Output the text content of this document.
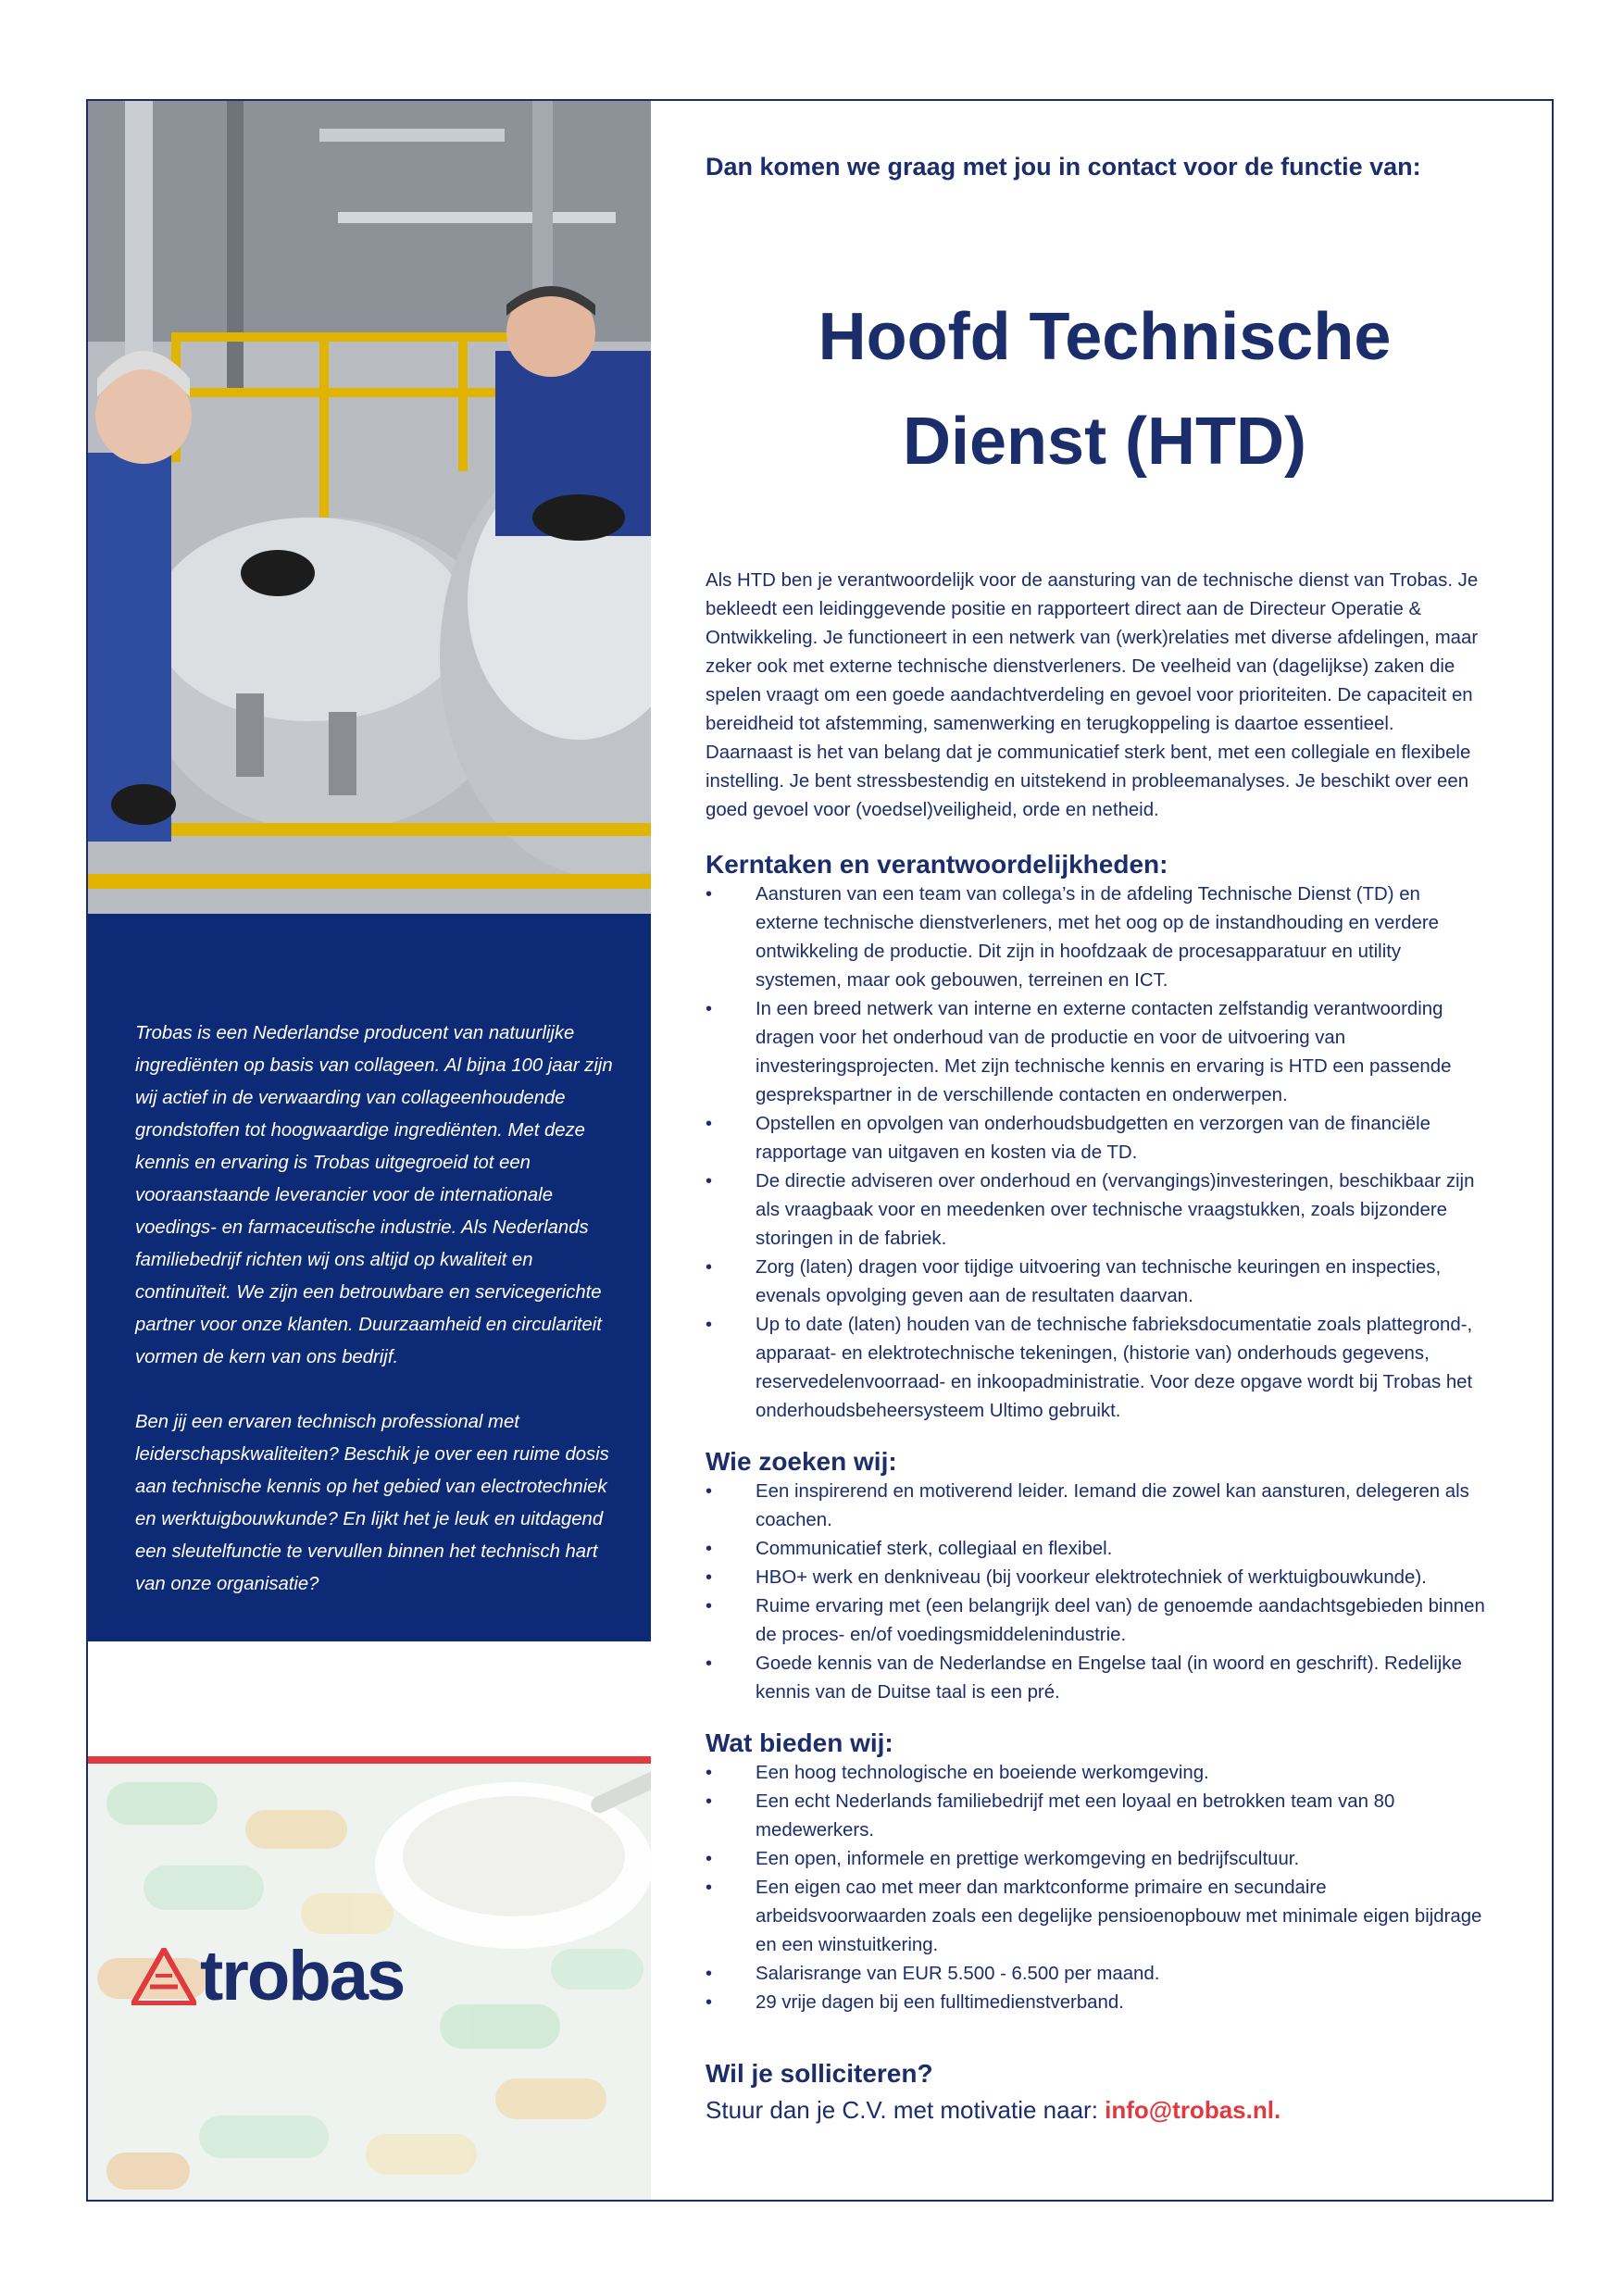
Trobas is een Nederlandse producent van natuurlijke ingrediënten op basis van collageen. Al bijna 100 jaar zijn wij actief in de verwaarding van collageenhoudende grondstoffen tot hoogwaardige ingrediënten. Met deze kennis en ervaring is Trobas uitgegroeid tot een vooraanstaande leverancier voor de internationale voedings- en farmaceutische industrie. Als Nederlands familiebedrijf richten wij ons altijd op kwaliteit en continuïteit. We zijn een betrouwbare en servicegerichte partner voor onze klanten. Duurzaamheid en circulariteit vormen de kern van ons bedrijf.

Ben jij een ervaren technisch professional met leiderschapskwaliteiten? Beschik je over een ruime dosis aan technische kennis op het gebied van electrotechniek en werktuigbouwkunde? En lijkt het je leuk en uitdagend een sleutelfunctie te vervullen binnen het technisch hart van onze organisatie?

trobas

Dan komen we graag met jou in contact voor de functie van:

Hoofd Technische
Dienst (HTD)
Als HTD ben je verantwoordelijk voor de aansturing van de technische dienst van Trobas. Je bekleedt een leidinggevende positie en rapporteert direct aan de Directeur Operatie & Ontwikkeling. Je functioneert in een netwerk van (werk)relaties met diverse afdelingen, maar zeker ook met externe technische dienstverleners. De veelheid van (dagelijkse) zaken die spelen vraagt om een goede aandachtverdeling en gevoel voor prioriteiten. De capaciteit en bereidheid tot afstemming, samenwerking en terugkoppeling is daartoe essentieel. Daarnaast is het van belang dat je communicatief sterk bent, met een collegiale en flexibele instelling. Je bent stressbestendig en uitstekend in probleemanalyses. Je beschikt over een goed gevoel voor (voedsel)veiligheid, orde en netheid.
Kerntaken en verantwoordelijkheden:
• Aansturen van een team van collega’s in de afdeling Technische Dienst (TD) en externe technische dienstverleners, met het oog op de instandhouding en verdere ontwikkeling de productie. Dit zijn in hoofdzaak de procesapparatuur en utility systemen, maar ook gebouwen, terreinen en ICT.
• In een breed netwerk van interne en externe contacten zelfstandig verantwoording dragen voor het onderhoud van de productie en voor de uitvoering van investeringsprojecten. Met zijn technische kennis en ervaring is HTD een passende gesprekspartner in de verschillende contacten en onderwerpen.
• Opstellen en opvolgen van onderhoudsbudgetten en verzorgen van de financiële rapportage van uitgaven en kosten via de TD.
• De directie adviseren over onderhoud en (vervangings)investeringen, beschikbaar zijn als vraagbaak voor en meedenken over technische vraagstukken, zoals bijzondere storingen in de fabriek.
• Zorg (laten) dragen voor tijdige uitvoering van technische keuringen en inspecties, evenals opvolging geven aan de resultaten daarvan.
• Up to date (laten) houden van de technische fabrieksdocumentatie zoals plattegrond-, apparaat- en elektrotechnische tekeningen, (historie van) onderhouds gegevens, reservedelenvoorraad- en inkoopadministratie. Voor deze opgave wordt bij Trobas het onderhoudsbeheersysteem Ultimo gebruikt.
Wie zoeken wij:
• Een inspirerend en motiverend leider. Iemand die zowel kan aansturen, delegeren als coachen.
• Communicatief sterk, collegiaal en flexibel.
• HBO+ werk en denkniveau (bij voorkeur elektrotechniek of werktuigbouwkunde).
• Ruime ervaring met (een belangrijk deel van) de genoemde aandachtsgebieden binnen de proces- en/of voedingsmiddelenindustrie.
• Goede kennis van de Nederlandse en Engelse taal (in woord en geschrift). Redelijke kennis van de Duitse taal is een pré.
Wat bieden wij:
• Een hoog technologische en boeiende werkomgeving.
• Een echt Nederlands familiebedrijf met een loyaal en betrokken team van 80 medewerkers.
• Een open, informele en prettige werkomgeving en bedrijfscultuur.
• Een eigen cao met meer dan marktconforme primaire en secundaire arbeidsvoorwaarden zoals een degelijke pensioenopbouw met minimale eigen bijdrage en een winstuitkering.
• Salarisrange van EUR 5.500 - 6.500 per maand.
• 29 vrije dagen bij een fulltimedienstverband.
Wil je solliciteren?

Stuur dan je C.V. met motivatie naar: info@trobas.nl.
